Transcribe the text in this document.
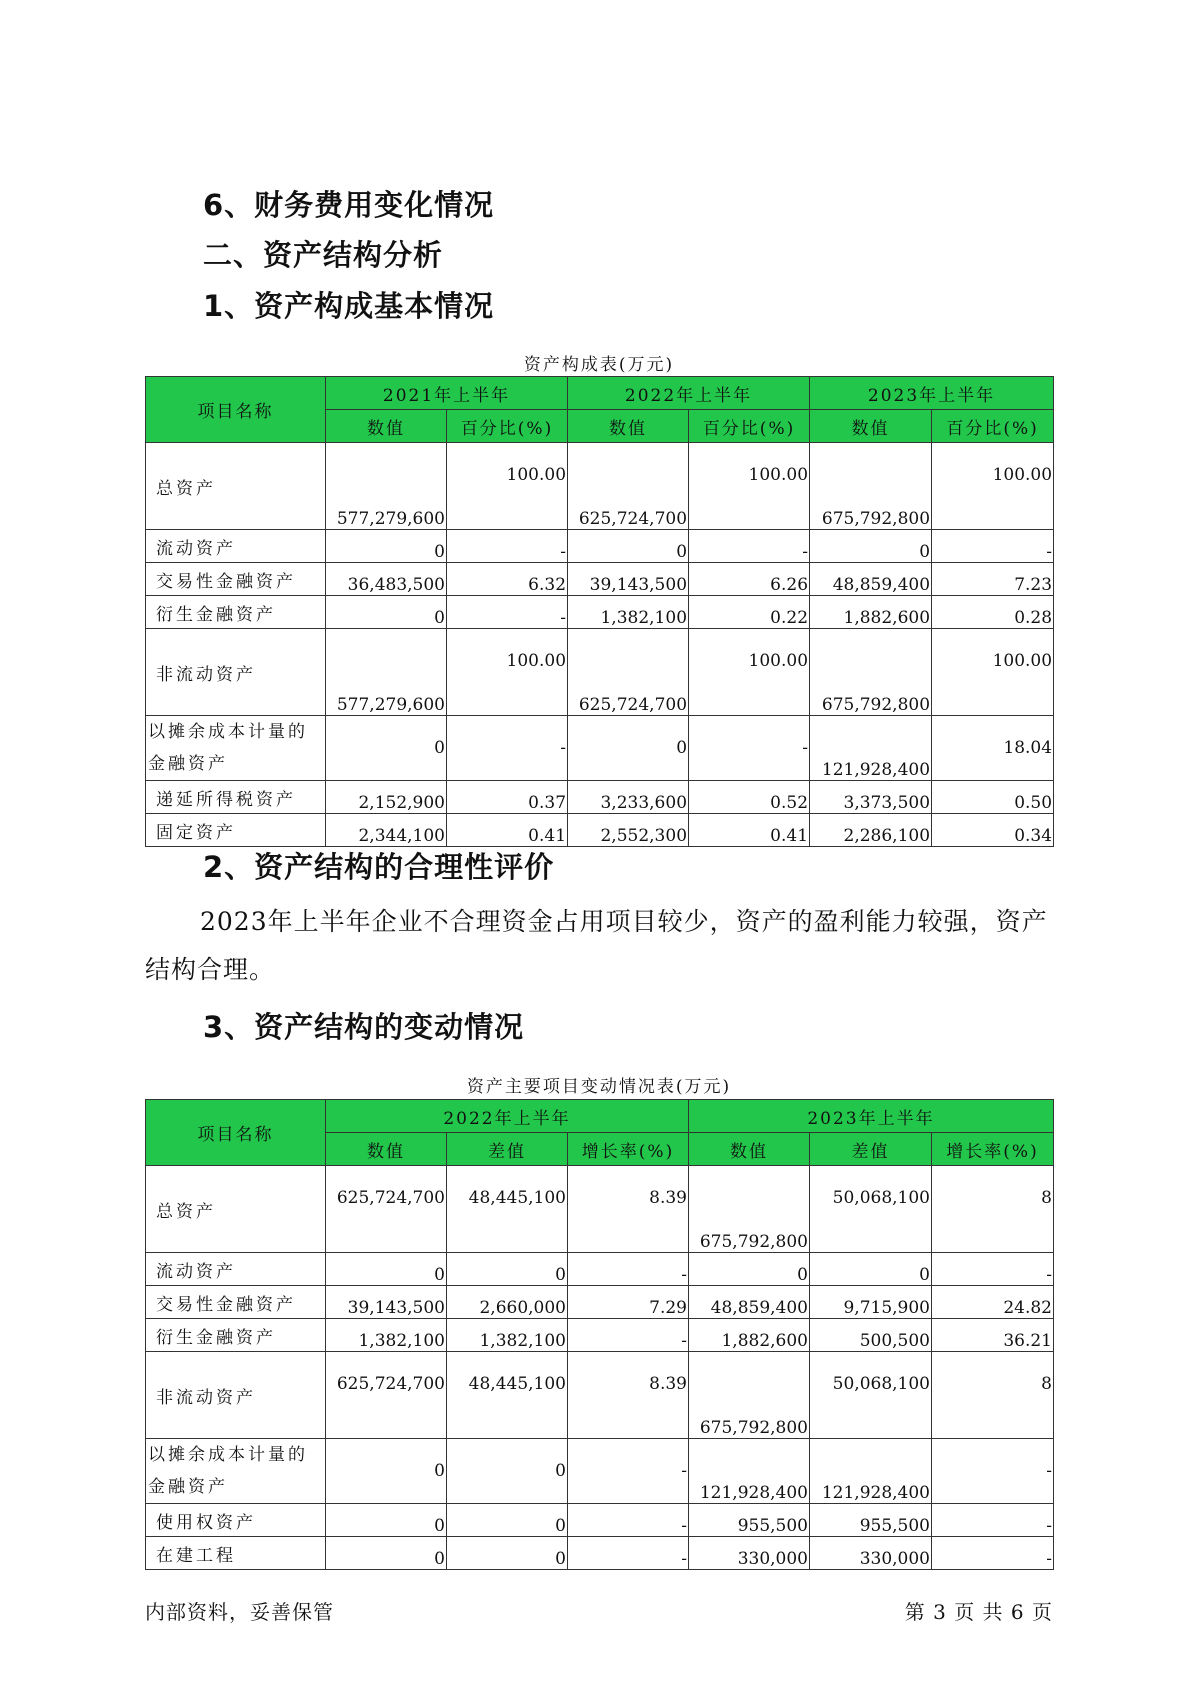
6、财务费用变化情况
二、资产结构分析
1、资产构成基本情况
资产构成表(万元)
项目名称	2021年上半年		2022年上半年		2023年上半年	
	数值	百分比(%)	数值	百分比(%)	数值	百分比(%)
总资产	577,279,600	100.00	625,724,700	100.00	675,792,800	100.00
流动资产	0	-	0	-	0	-
交易性金融资产	36,483,500	6.32	39,143,500	6.26	48,859,400	7.23
衍生金融资产	0	-	1,382,100	0.22	1,882,600	0.28
非流动资产	577,279,600	100.00	625,724,700	100.00	675,792,800	100.00
以摊余成本计量的金融资产	0	-	0	-	121,928,400	18.04
递延所得税资产	2,152,900	0.37	3,233,600	0.52	3,373,500	0.50
固定资产	2,344,100	0.41	2,552,300	0.41	2,286,100	0.34
2、资产结构的合理性评价

2023年上半年企业不合理资金占用项目较少，资产的盈利能力较强，资产结构合理。

3、资产结构的变动情况
资产主要项目变动情况表(万元)
项目名称	2022年上半年			2023年上半年		
	数值	差值	增长率(%)	数值	差值	增长率(%)
总资产	625,724,700	48,445,100	8.39	675,792,800	50,068,100	8
流动资产	0	0	-	0	0	-
交易性金融资产	39,143,500	2,660,000	7.29	48,859,400	9,715,900	24.82
衍生金融资产	1,382,100	1,382,100	-	1,882,600	500,500	36.21
非流动资产	625,724,700	48,445,100	8.39	675,792,800	50,068,100	8
以摊余成本计量的金融资产	0	0	-	121,928,400	121,928,400	-
使用权资产	0	0	-	955,500	955,500	-
在建工程	0	0	-	330,000	330,000	-
内部资料，妥善保管	第 3 页 共 6 页
